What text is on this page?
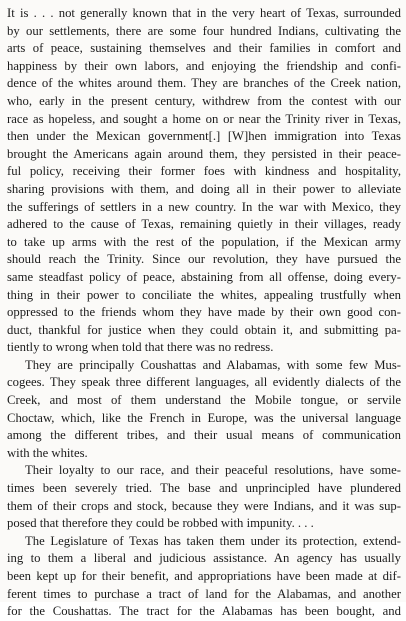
It is . . . not generally known that in the very heart of Texas, surrounded
by our settlements, there are some four hundred Indians, cultivating the
arts of peace, sustaining themselves and their families in comfort and
happiness by their own labors, and enjoying the friendship and confi-
dence of the whites around them. They are branches of the Creek nation,
who, early in the present century, withdrew from the contest with our
race as hopeless, and sought a home on or near the Trinity river in Texas,
then under the Mexican government[.] [W]hen immigration into Texas
brought the Americans again around them, they persisted in their peace-
ful policy, receiving their former foes with kindness and hospitality,
sharing provisions with them, and doing all in their power to alleviate
the sufferings of settlers in a new country. In the war with Mexico, they
adhered to the cause of Texas, remaining quietly in their villages, ready
to take up arms with the rest of the population, if the Mexican army
should reach the Trinity. Since our revolution, they have pursued the
same steadfast policy of peace, abstaining from all offense, doing every-
thing in their power to conciliate the whites, appealing trustfully when
oppressed to the friends whom they have made by their own good con-
duct, thankful for justice when they could obtain it, and submitting pa-
tiently to wrong when told that there was no redress.
They are principally Coushattas and Alabamas, with some few Mus-
cogees. They speak three different languages, all evidently dialects of the
Creek, and most of them understand the Mobile tongue, or servile
Choctaw, which, like the French in Europe, was the universal language
among the different tribes, and their usual means of communication
with the whites.
Their loyalty to our race, and their peaceful resolutions, have some-
times been severely tried. The base and unprincipled have plundered
them of their crops and stock, because they were Indians, and it was sup-
posed that therefore they could be robbed with impunity. . . .
The Legislature of Texas has taken them under its protection, extend-
ing to them a liberal and judicious assistance. An agency has usually
been kept up for their benefit, and appropriations have been made at dif-
ferent times to purchase a tract of land for the Alabamas, and another
for the Coushattas. The tract for the Alabamas has been bought, and
